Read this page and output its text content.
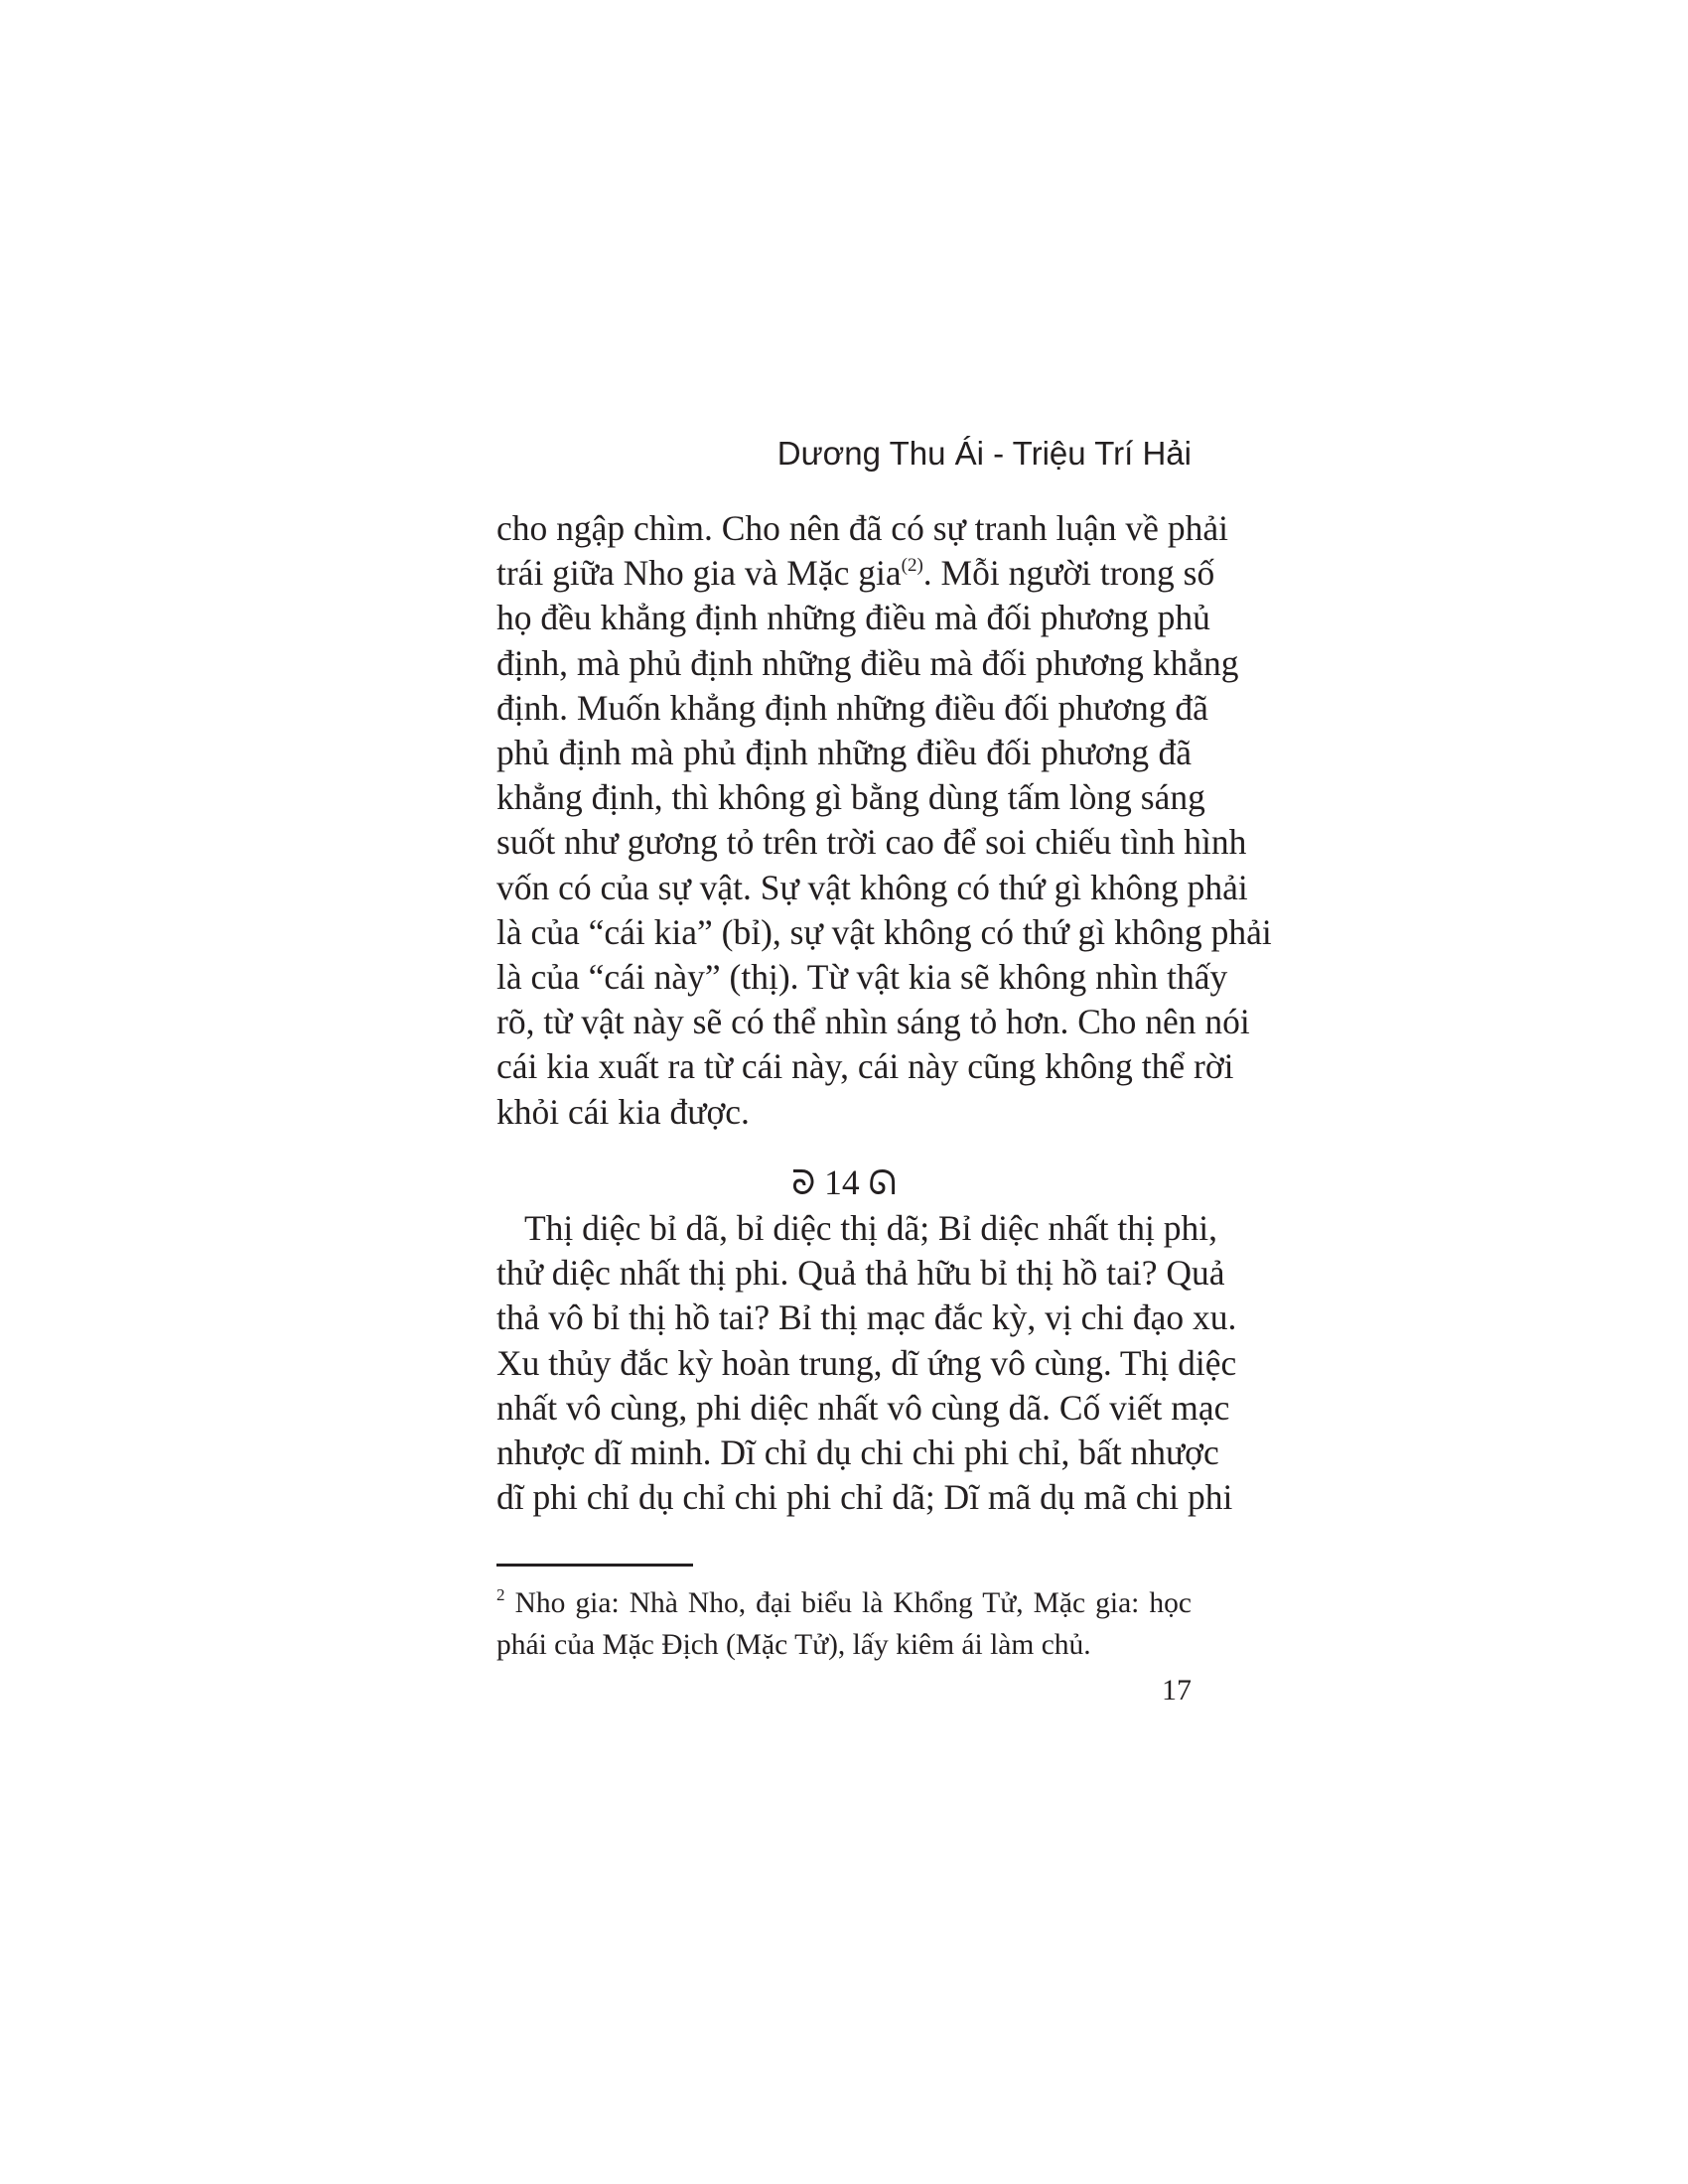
Dương Thu Ái - Triệu Trí Hải
cho ngập chìm. Cho nên đã có sự tranh luận về phải
trái giữa Nho gia và Mặc gia$^{(2)}$. Mỗi người trong số
họ đều khẳng định những điều mà đối phương phủ
định, mà phủ định những điều mà đối phương khẳng
định. Muốn khẳng định những điều đối phương đã
phủ định mà phủ định những điều đối phương đã
khẳng định, thì không gì bằng dùng tấm lòng sáng
suốt như gương tỏ trên trời cao để soi chiếu tình hình
vốn có của sự vật. Sự vật không có thứ gì không phải
là của “cái kia” (bỉ), sự vật không có thứ gì không phải
là của “cái này” (thị). Từ vật kia sẽ không nhìn thấy
rõ, từ vật này sẽ có thể nhìn sáng tỏ hơn. Cho nên nói
cái kia xuất ra từ cái này, cái này cũng không thể rời
khỏi cái kia được.
ᘐ 14 ᘏ
Thị diệc bỉ dã, bỉ diệc thị dã; Bỉ diệc nhất thị phi,
thử diệc nhất thị phi. Quả thả hữu bỉ thị hồ tai? Quả
thả vô bỉ thị hồ tai? Bỉ thị mạc đắc kỳ, vị chi đạo xu.
Xu thủy đắc kỳ hoàn trung, dĩ ứng vô cùng. Thị diệc
nhất vô cùng, phi diệc nhất vô cùng dã. Cố viết mạc
nhược dĩ minh. Dĩ chỉ dụ chi chi phi chỉ, bất nhược
dĩ phi chỉ dụ chỉ chi phi chỉ dã; Dĩ mã dụ mã chi phi
$^2$ Nho gia: Nhà Nho, đại biểu là Khổng Tử, Mặc gia: học
phái của Mặc Địch (Mặc Tử), lấy kiêm ái làm chủ.
17
